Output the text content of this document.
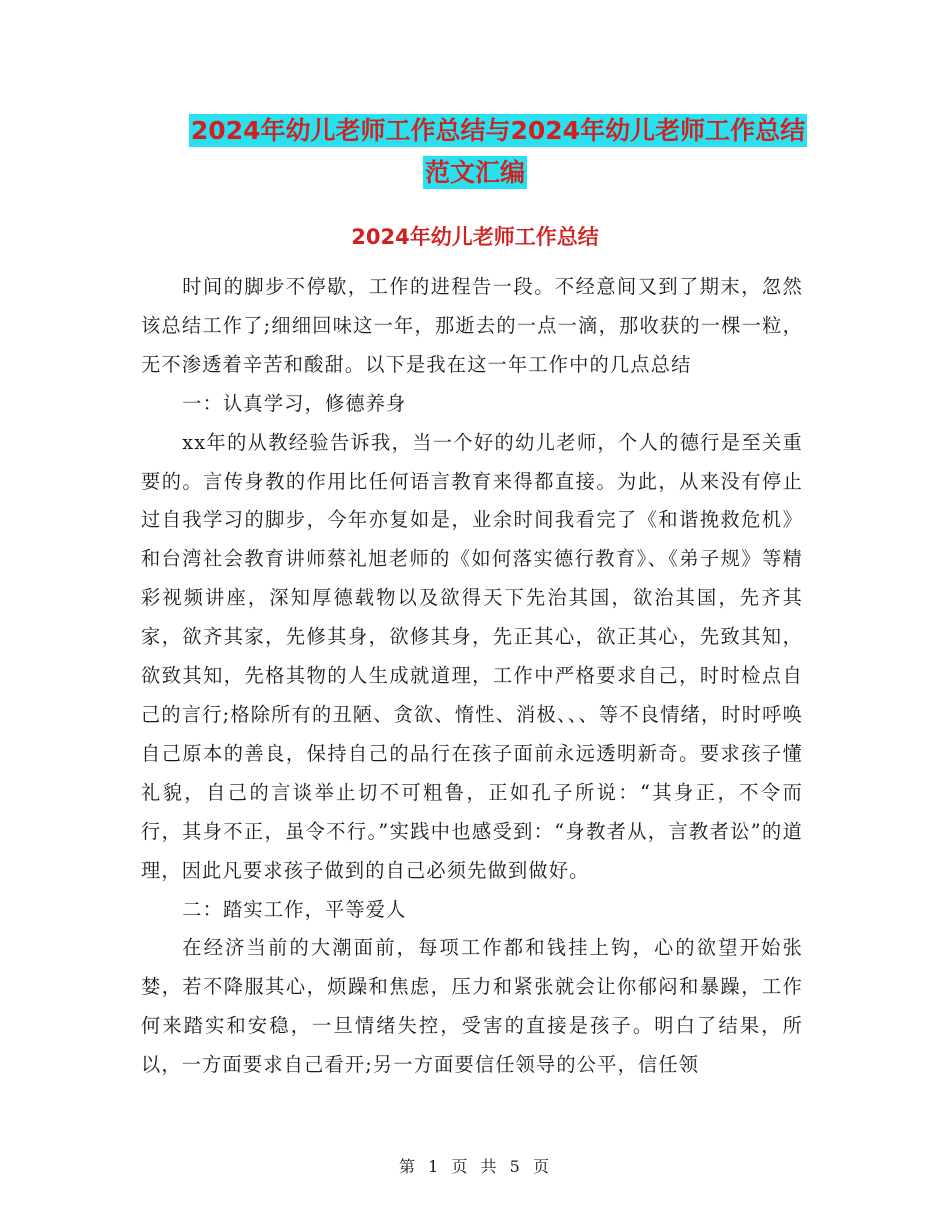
2024年幼儿老师工作总结与2024年幼儿老师工作总结
范文汇编
2024年幼儿老师工作总结

时间的脚步不停歇，工作的进程告一段。不经意间又到了期末，忽然该总结工作了;细细回味这一年，那逝去的一点一滴，那收获的一棵一粒，无不渗透着辛苦和酸甜。以下是我在这一年工作中的几点总结

一：认真学习，修德养身

xx年的从教经验告诉我，当一个好的幼儿老师，个人的德行是至关重要的。言传身教的作用比任何语言教育来得都直接。为此，从来没有停止过自我学习的脚步，今年亦复如是，业余时间我看完了《和谐挽救危机》和台湾社会教育讲师蔡礼旭老师的《如何落实德行教育》、《弟子规》等精彩视频讲座，深知厚德载物以及欲得天下先治其国，欲治其国，先齐其家，欲齐其家，先修其身，欲修其身，先正其心，欲正其心，先致其知，欲致其知，先格其物的人生成就道理，工作中严格要求自己，时时检点自己的言行;格除所有的丑陋、贪欲、惰性、消极、、、等不良情绪，时时呼唤自己原本的善良，保持自己的品行在孩子面前永远透明新奇。要求孩子懂礼貌，自己的言谈举止切不可粗鲁，正如孔子所说：“其身正，不令而行，其身不正，虽令不行。”实践中也感受到：“身教者从，言教者讼”的道理，因此凡要求孩子做到的自己必须先做到做好。

二：踏实工作，平等爱人

在经济当前的大潮面前，每项工作都和钱挂上钩，心的欲望开始张婪，若不降服其心，烦躁和焦虑，压力和紧张就会让你郁闷和暴躁，工作何来踏实和安稳，一旦情绪失控，受害的直接是孩子。明白了结果，所以，一方面要求自己看开;另一方面要信任领导的公平，信任领

第 1 页 共 5 页
